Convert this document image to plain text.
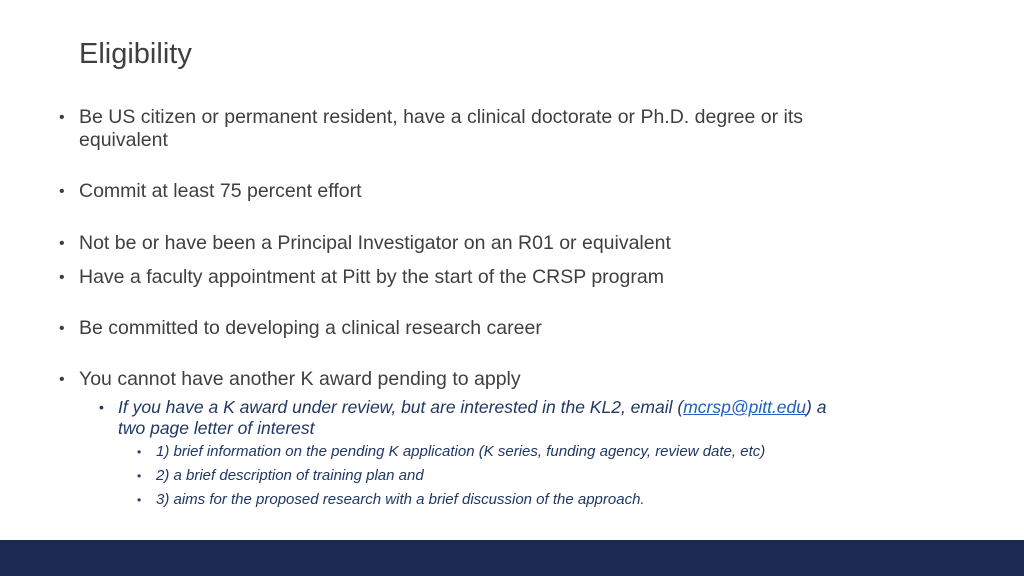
Eligibility
• Be US citizen or permanent resident, have a clinical doctorate or Ph.D. degree or its equivalent
• Commit at least 75 percent effort
• Not be or have been a Principal Investigator on an R01 or equivalent
• Have a faculty appointment at Pitt by the start of the CRSP program
• Be committed to developing a clinical research career
• You cannot have another K award pending to apply
• If you have a K award under review, but are interested in the KL2, email (mcrsp@pitt.edu) a two page letter of interest
• 1) brief information on the pending K application (K series, funding agency, review date, etc)
• 2) a brief description of training plan and
• 3) aims for the proposed research with a brief discussion of the approach.
